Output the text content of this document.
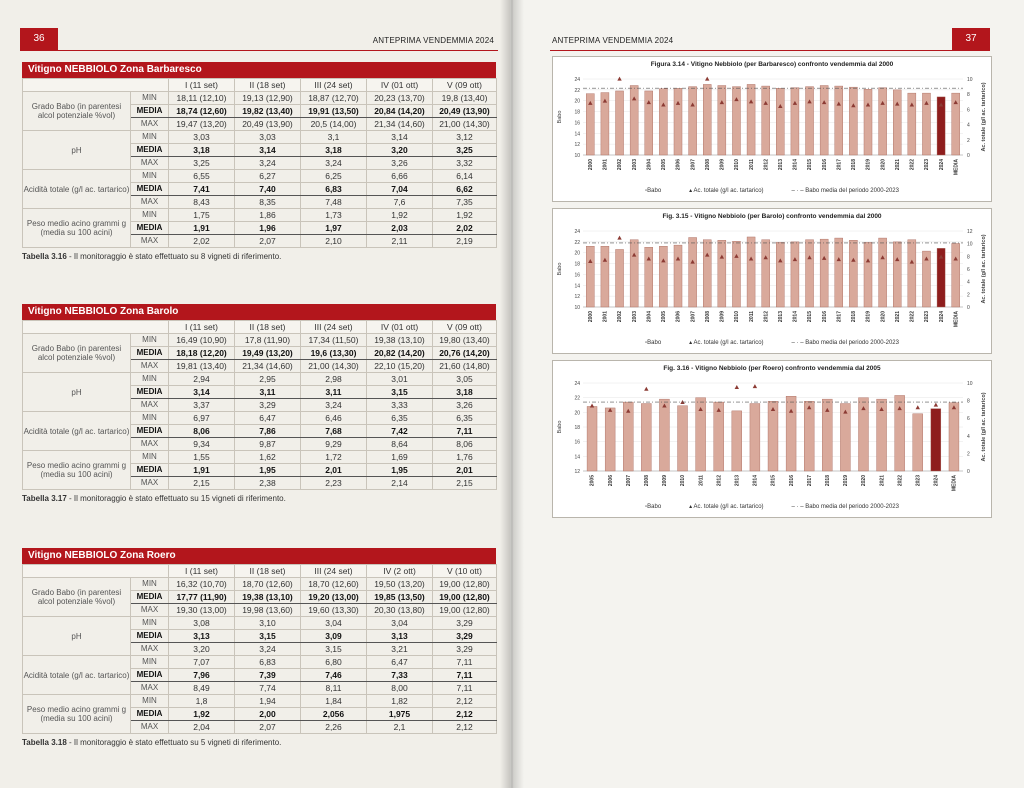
36	ANTEPRIMA VENDEMMIA 2024
Vitigno NEBBIOLO Zona Barbaresco
		I (11 set)	II (18 set)	III (24 set)	IV (01 ott)	V (09 ott)
Grado Babo (in parentesi alcol potenziale %vol)	MIN	18,11 (12,10)	19,13 (12,90)	18,87 (12,70)	20,23 (13,70)	19,8 (13,40)
	MEDIA	18,74 (12,60)	19,82 (13,40)	19,91 (13,50)	20,84 (14,20)	20,49 (13,90)
	MAX	19,47 (13,20)	20,49 (13,90)	20,5 (14,00)	21,34 (14,60)	21,00 (14,30)
pH	MIN	3,03	3,03	3,1	3,14	3,12
	MEDIA	3,18	3,14	3,18	3,20	3,25
	MAX	3,25	3,24	3,24	3,26	3,32
Acidità totale (g/l ac. tartarico)	MIN	6,55	6,27	6,25	6,66	6,14
	MEDIA	7,41	7,40	6,83	7,04	6,62
	MAX	8,43	8,35	7,48	7,6	7,35
Peso medio acino grammi g (media su 100 acini)	MIN	1,75	1,86	1,73	1,92	1,92
	MEDIA	1,91	1,96	1,97	2,03	2,02
	MAX	2,02	2,07	2,10	2,11	2,19
Tabella 3.16 - Il monitoraggio è stato effettuato su 8 vigneti di riferimento.
Vitigno NEBBIOLO Zona Barolo
		I (11 set)	II (18 set)	III (24 set)	IV (01 ott)	V (09 ott)
Grado Babo (in parentesi alcol potenziale %vol)	MIN	16,49 (10,90)	17,8 (11,90)	17,34 (11,50)	19,38 (13,10)	19,80 (13,40)
	MEDIA	18,18 (12,20)	19,49 (13,20)	19,6 (13,30)	20,82 (14,20)	20,76 (14,20)
	MAX	19,81 (13,40)	21,34 (14,60)	21,00 (14,30)	22,10 (15,20)	21,60 (14,80)
pH	MIN	2,94	2,95	2,98	3,01	3,05
	MEDIA	3,14	3,11	3,11	3,15	3,18
	MAX	3,37	3,29	3,24	3,33	3,26
Acidità totale (g/l ac. tartarico)	MIN	6,97	6,47	6,46	6,35	6,35
	MEDIA	8,06	7,86	7,68	7,42	7,11
	MAX	9,34	9,87	9,29	8,64	8,06
Peso medio acino grammi g (media su 100 acini)	MIN	1,55	1,62	1,72	1,69	1,76
	MEDIA	1,91	1,95	2,01	1,95	2,01
	MAX	2,15	2,38	2,23	2,14	2,15
Tabella 3.17 - Il monitoraggio è stato effettuato su 15 vigneti di riferimento.
Vitigno NEBBIOLO Zona Roero
		I (11 set)	II (18 set)	III (24 set)	IV (2 ott)	V (10 ott)
Grado Babo (in parentesi alcol potenziale %vol)	MIN	16,32 (10,70)	18,70 (12,60)	18,70 (12,60)	19,50 (13,20)	19,00 (12,80)
	MEDIA	17,77 (11,90)	19,38 (13,10)	19,20 (13,00)	19,85 (13,50)	19,00 (12,80)
	MAX	19,30 (13,00)	19,98 (13,60)	19,60 (13,30)	20,30 (13,80)	19,00 (12,80)
pH	MIN	3,08	3,10	3,04	3,04	3,29
	MEDIA	3,13	3,15	3,09	3,13	3,29
	MAX	3,20	3,24	3,15	3,21	3,29
Acidità totale (g/l ac. tartarico)	MIN	7,07	6,83	6,80	6,47	7,11
	MEDIA	7,96	7,39	7,46	7,33	7,11
	MAX	8,49	7,74	8,11	8,00	7,11
Peso medio acino grammi g (media su 100 acini)	MIN	1,8	1,94	1,84	1,82	2,12
	MEDIA	1,92	2,00	2,056	1,975	2,12
	MAX	2,04	2,07	2,26	2,1	2,12
Tabella 3.18 - Il monitoraggio è stato effettuato su 5 vigneti di riferimento.
ANTEPRIMA VENDEMMIA 2024	37
Figura 3.14 - Vitigno Nebbiolo (per Barbaresco) confronto vendemmia dal 2000
10
12
14
16
18
20
22
24
0
2
4
6
8
10
Babo	Ac. totale (g/l ac. tartarico)
2000 2001 2002 2003 2004 2005 2006 2007 2008 2009 2010 2011 2012 2013 2014 2015 2016 2017 2018 2019 2020 2021 2022 2023 2024 MEDIA
▫Babo	▴ Ac. totale (g/l ac. tartarico)	– · – Babo media del periodo 2000-2023
Fig. 3.15 - Vitigno Nebbiolo (per Barolo) confronto vendemmia dal 2000
10
12
14
16
18
20
22
24
0
2
4
6
8
10
12
Babo	Ac. totale (g/l ac. tartarico)
2000 2001 2002 2003 2004 2005 2006 2007 2008 2009 2010 2011 2012 2013 2014 2015 2016 2017 2018 2019 2020 2021 2022 2023 2024 MEDIA
▫Babo	▴ Ac. totale (g/l ac. tartarico)	– · – Babo media del periodo 2000-2023
Fig. 3.16 - Vitigno Nebbiolo (per Roero) confronto vendemmia dal 2005
12
14
16
18
20
22
24
0
2
4
6
8
10
Babo	Ac. totale (g/l ac. tartarico)
2005 2006 2007 2008 2009 2010 2011 2012 2013 2014 2015 2016 2017 2018 2019 2020 2021 2022 2023 2024 MEDIA
▫Babo	▴ Ac. totale (g/l ac. tartarico)	– · – Babo media del periodo 2000-2023
